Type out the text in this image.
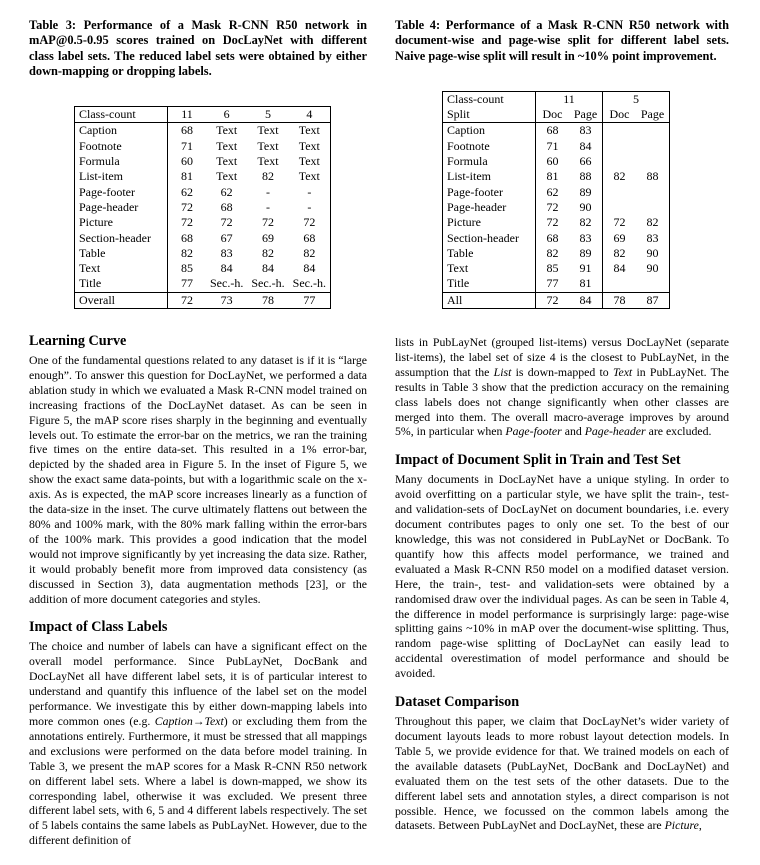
Table 3: Performance of a Mask R-CNN R50 network in mAP@0.5-0.95 scores trained on DocLayNet with different class label sets. The reduced label sets were obtained by either down-mapping or dropping labels.

Class-count	11	6	5	4
Caption	68	Text	Text	Text
Footnote	71	Text	Text	Text
Formula	60	Text	Text	Text
List-item	81	Text	82	Text
Page-footer	62	62	-	-
Page-header	72	68	-	-
Picture	72	72	72	72
Section-header	68	67	69	68
Table	82	83	82	82
Text	85	84	84	84
Title	77	Sec.-h.	Sec.-h.	Sec.-h.
Overall	72	73	78	77
Learning Curve

One of the fundamental questions related to any dataset is if it is “large enough”. To answer this question for DocLayNet, we performed a data ablation study in which we evaluated a Mask R-CNN model trained on increasing fractions of the DocLayNet dataset. As can be seen in Figure 5, the mAP score rises sharply in the beginning and eventually levels out. To estimate the error-bar on the metrics, we ran the training five times on the entire data-set. This resulted in a 1% error-bar, depicted by the shaded area in Figure 5. In the inset of Figure 5, we show the exact same data-points, but with a logarithmic scale on the x-axis. As is expected, the mAP score increases linearly as a function of the data-size in the inset. The curve ultimately flattens out between the 80% and 100% mark, with the 80% mark falling within the error-bars of the 100% mark. This provides a good indication that the model would not improve significantly by yet increasing the data size. Rather, it would probably benefit more from improved data consistency (as discussed in Section 3), data augmentation methods [23], or the addition of more document categories and styles.

Impact of Class Labels

The choice and number of labels can have a significant effect on the overall model performance. Since PubLayNet, DocBank and DocLayNet all have different label sets, it is of particular interest to understand and quantify this influence of the label set on the model performance. We investigate this by either down-mapping labels into more common ones (e.g. Caption→Text) or excluding them from the annotations entirely. Furthermore, it must be stressed that all mappings and exclusions were performed on the data before model training. In Table 3, we present the mAP scores for a Mask R-CNN R50 network on different label sets. Where a label is down-mapped, we show its corresponding label, otherwise it was excluded. We present three different label sets, with 6, 5 and 4 different labels respectively. The set of 5 labels contains the same labels as PubLayNet. However, due to the different definition of

Table 4: Performance of a Mask R-CNN R50 network with document-wise and page-wise split for different label sets. Naive page-wise split will result in ~10% point improvement.

Class-count	11		5	
Split	Doc	Page	Doc	Page
Caption	68	83		
Footnote	71	84		
Formula	60	66		
List-item	81	88	82	88
Page-footer	62	89		
Page-header	72	90		
Picture	72	82	72	82
Section-header	68	83	69	83
Table	82	89	82	90
Text	85	91	84	90
Title	77	81		
All	72	84	78	87

lists in PubLayNet (grouped list-items) versus DocLayNet (separate list-items), the label set of size 4 is the closest to PubLayNet, in the assumption that the List is down-mapped to Text in PubLayNet. The results in Table 3 show that the prediction accuracy on the remaining class labels does not change significantly when other classes are merged into them. The overall macro-average improves by around 5%, in particular when Page-footer and Page-header are excluded.

Impact of Document Split in Train and Test Set

Many documents in DocLayNet have a unique styling. In order to avoid overfitting on a particular style, we have split the train-, test- and validation-sets of DocLayNet on document boundaries, i.e. every document contributes pages to only one set. To the best of our knowledge, this was not considered in PubLayNet or DocBank. To quantify how this affects model performance, we trained and evaluated a Mask R-CNN R50 model on a modified dataset version. Here, the train-, test- and validation-sets were obtained by a randomised draw over the individual pages. As can be seen in Table 4, the difference in model performance is surprisingly large: page-wise splitting gains ~10% in mAP over the document-wise splitting. Thus, random page-wise splitting of DocLayNet can easily lead to accidental overestimation of model performance and should be avoided.

Dataset Comparison

Throughout this paper, we claim that DocLayNet’s wider variety of document layouts leads to more robust layout detection models. In Table 5, we provide evidence for that. We trained models on each of the available datasets (PubLayNet, DocBank and DocLayNet) and evaluated them on the test sets of the other datasets. Due to the different label sets and annotation styles, a direct comparison is not possible. Hence, we focussed on the common labels among the datasets. Between PubLayNet and DocLayNet, these are Picture,
